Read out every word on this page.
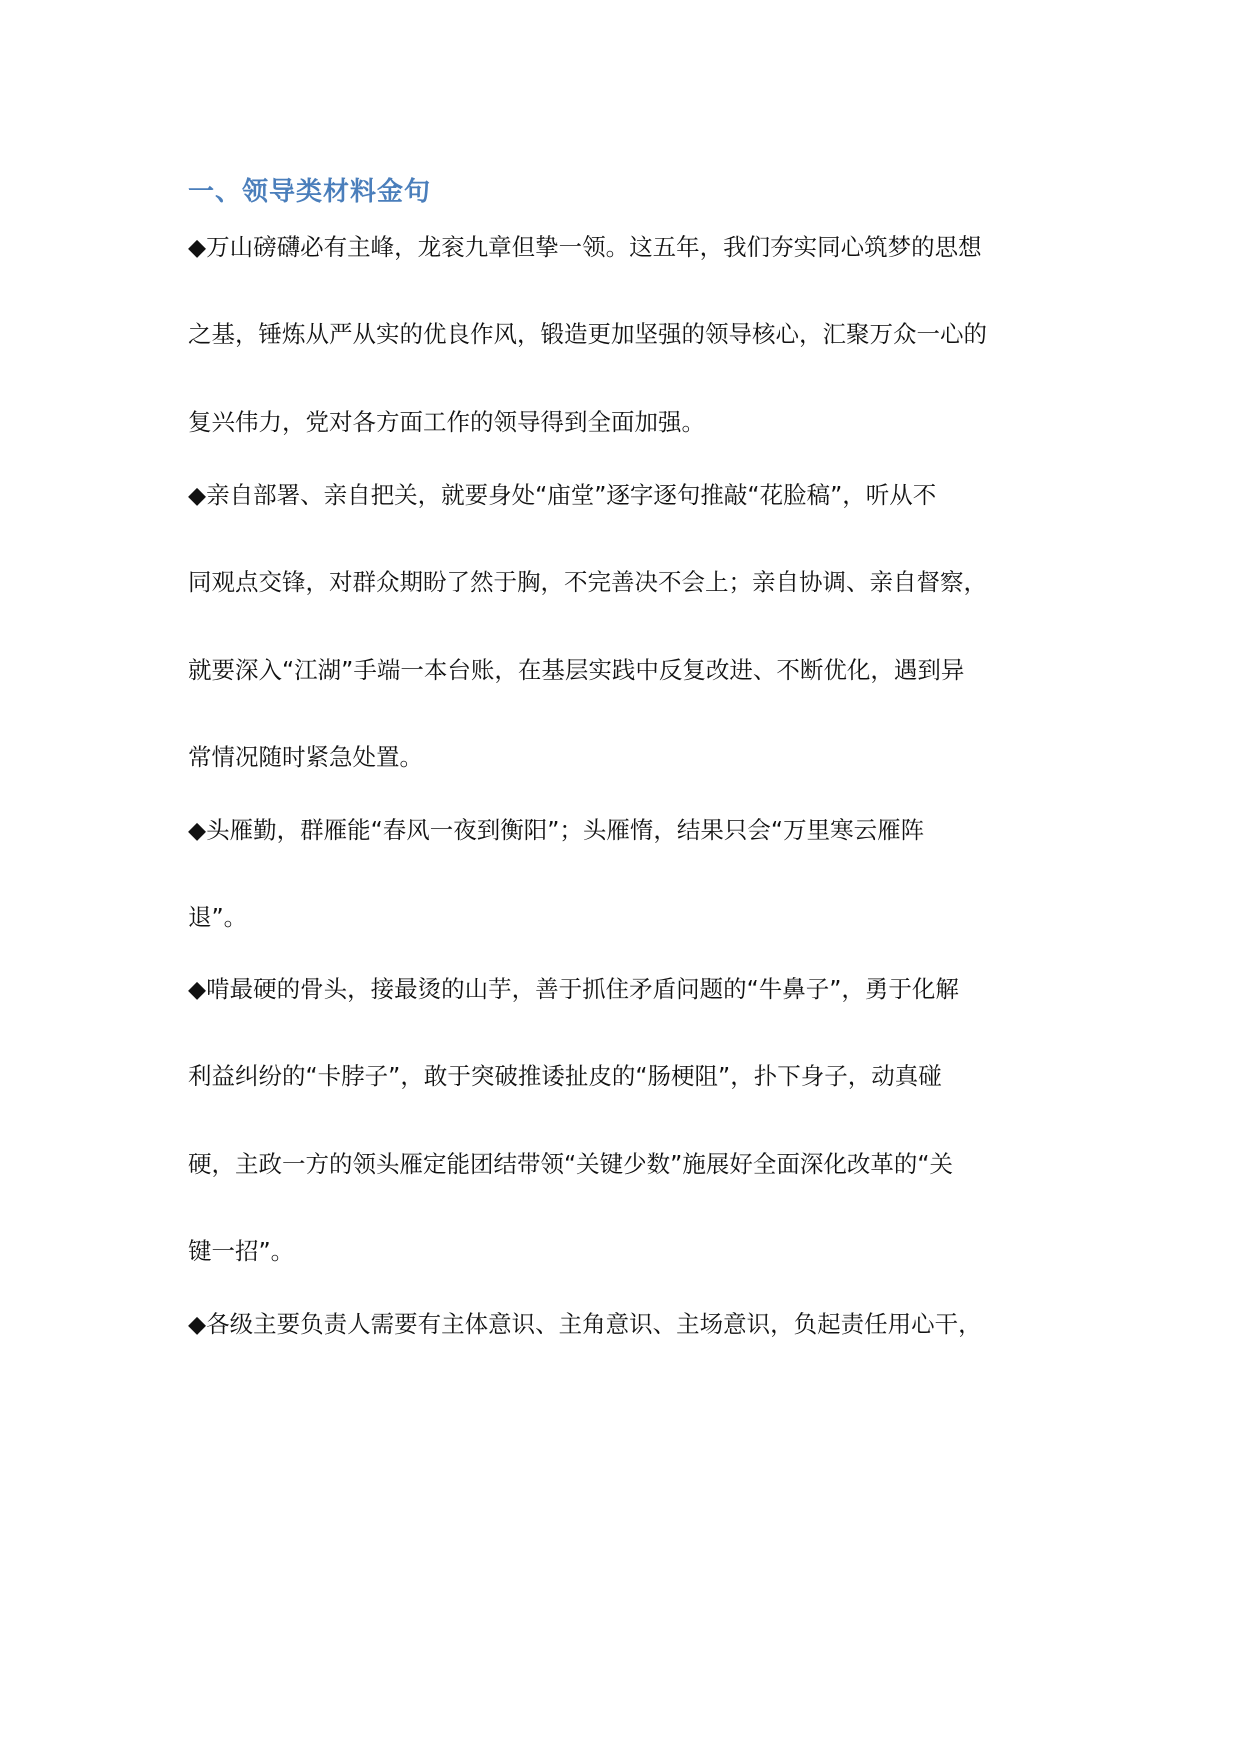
一、领导类材料金句
◆万山磅礴必有主峰，龙衮九章但挚一领。这五年，我们夯实同心筑梦的思想
之基，锤炼从严从实的优良作风，锻造更加坚强的领导核心，汇聚万众一心的
复兴伟力，党对各方面工作的领导得到全面加强。
◆亲自部署、亲自把关，就要身处“庙堂”逐字逐句推敲“花脸稿”，听从不
同观点交锋，对群众期盼了然于胸，不完善决不会上；亲自协调、亲自督察，
就要深入“江湖”手端一本台账，在基层实践中反复改进、不断优化，遇到异
常情况随时紧急处置。
◆头雁勤，群雁能“春风一夜到衡阳”；头雁惰，结果只会“万里寒云雁阵
退”。
◆啃最硬的骨头，接最烫的山芋，善于抓住矛盾问题的“牛鼻子”，勇于化解
利益纠纷的“卡脖子”，敢于突破推诿扯皮的“肠梗阻”，扑下身子，动真碰
硬，主政一方的领头雁定能团结带领“关键少数”施展好全面深化改革的“关
键一招”。
◆各级主要负责人需要有主体意识、主角意识、主场意识，负起责任用心干，
